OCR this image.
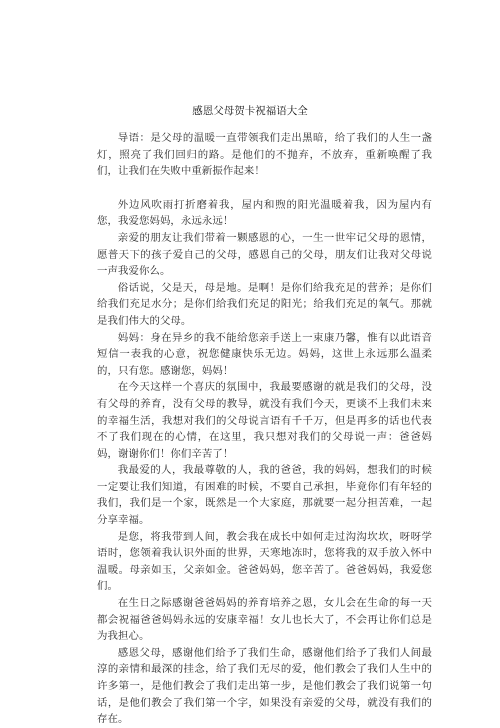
感恩父母贺卡祝福语大全

导语：是父母的温暖一直带领我们走出黑暗，给了我们的人生一盏灯，照亮了我们回归的路。是他们的不抛弃，不放弃，重新唤醒了我们，让我们在失败中重新振作起来！

外边风吹雨打折磨着我，屋内和煦的阳光温暖着我，因为屋内有您，我爱您妈妈，永远永远！

亲爱的朋友让我们带着一颗感恩的心，一生一世牢记父母的恩情，愿普天下的孩子爱自己的父母，感恩自己的父母，朋友们让我对父母说一声我爱你么。

俗话说，父是天，母是地。是啊！是你们给我充足的营养；是你们给我们充足水分；是你们给我们充足的阳光；给我们充足的氧气。那就是我们伟大的父母。

妈妈：身在异乡的我不能给您亲手送上一束康乃馨，惟有以此语音短信一表我的心意，祝您健康快乐无边。妈妈，这世上永远那么温柔的，只有您。感谢您，妈妈！

在今天这样一个喜庆的氛围中，我最要感谢的就是我们的父母，没有父母的养育，没有父母的教导，就没有我们今天，更谈不上我们未来的幸福生活，我想对我们的父母说言语有千千万，但是再多的话也代表不了我们现在的心情，在这里，我只想对我们的父母说一声：爸爸妈妈，谢谢你们！你们辛苦了！

我最爱的人，我最尊敬的人，我的爸爸，我的妈妈，想我们的时候一定要让我们知道，有困难的时候，不要自己承担，毕竟你们有年轻的我们，我们是一个家，既然是一个大家庭，那就要一起分担苦难，一起分享幸福。

是您，将我带到人间，教会我在成长中如何走过沟沟坎坎，呀呀学语时，您领着我认识外面的世界，天寒地冻时，您将我的双手放入怀中温暖。母亲如玉，父亲如金。爸爸妈妈，您辛苦了。爸爸妈妈，我爱您们。

在生日之际感谢爸爸妈妈的养育培养之恩，女儿会在生命的每一天都会祝福爸爸妈妈永远的安康幸福！女儿也长大了，不会再让你们总是为我担心。

感恩父母，感谢他们给予了我们生命，感谢他们给予了我们人间最淳的亲情和最深的挂念，给了我们无尽的爱，他们教会了我们人生中的许多第一，是他们教会了我们走出第一步，是他们教会了我们说第一句话，是他们教会了我们第一个字，如果没有亲爱的父母，就没有我们的存在。
